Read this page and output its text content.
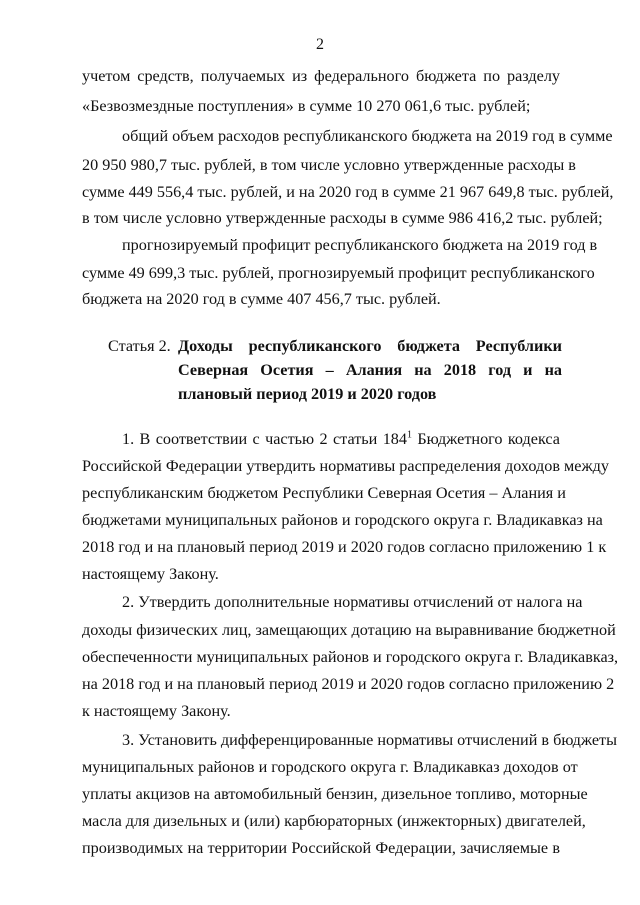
2
учетом средств, получаемых из федерального бюджета по разделу
«Безвозмездные поступления» в сумме 10 270 061,6 тыс. рублей;
общий объем расходов республиканского бюджета на 2019 год в сумме
20 950 980,7 тыс. рублей, в том числе условно утвержденные расходы в
сумме 449 556,4 тыс. рублей, и на 2020 год в сумме 21 967 649,8 тыс. рублей,
в том числе условно утвержденные расходы в сумме 986 416,2 тыс. рублей;
прогнозируемый профицит республиканского бюджета на 2019 год в
сумме 49 699,3 тыс. рублей, прогнозируемый профицит республиканского
бюджета на 2020 год в сумме 407 456,7 тыс. рублей.
Статья 2. Доходы республиканского бюджета Республики
Северная Осетия – Алания на 2018 год и на
плановый период 2019 и 2020 годов
1. В соответствии с частью 2 статьи $184^1$ Бюджетного кодекса
Российской Федерации утвердить нормативы распределения доходов между
республиканским бюджетом Республики Северная Осетия – Алания и
бюджетами муниципальных районов и городского округа г. Владикавказ на
2018 год и на плановый период 2019 и 2020 годов согласно приложению 1 к
настоящему Закону.
2. Утвердить дополнительные нормативы отчислений от налога на
доходы физических лиц, замещающих дотацию на выравнивание бюджетной
обеспеченности муниципальных районов и городского округа г. Владикавказ,
на 2018 год и на плановый период 2019 и 2020 годов согласно приложению 2
к настоящему Закону.
3. Установить дифференцированные нормативы отчислений в бюджеты
муниципальных районов и городского округа г. Владикавказ доходов от
уплаты акцизов на автомобильный бензин, дизельное топливо, моторные
масла для дизельных и (или) карбюраторных (инжекторных) двигателей,
производимых на территории Российской Федерации, зачисляемые в
